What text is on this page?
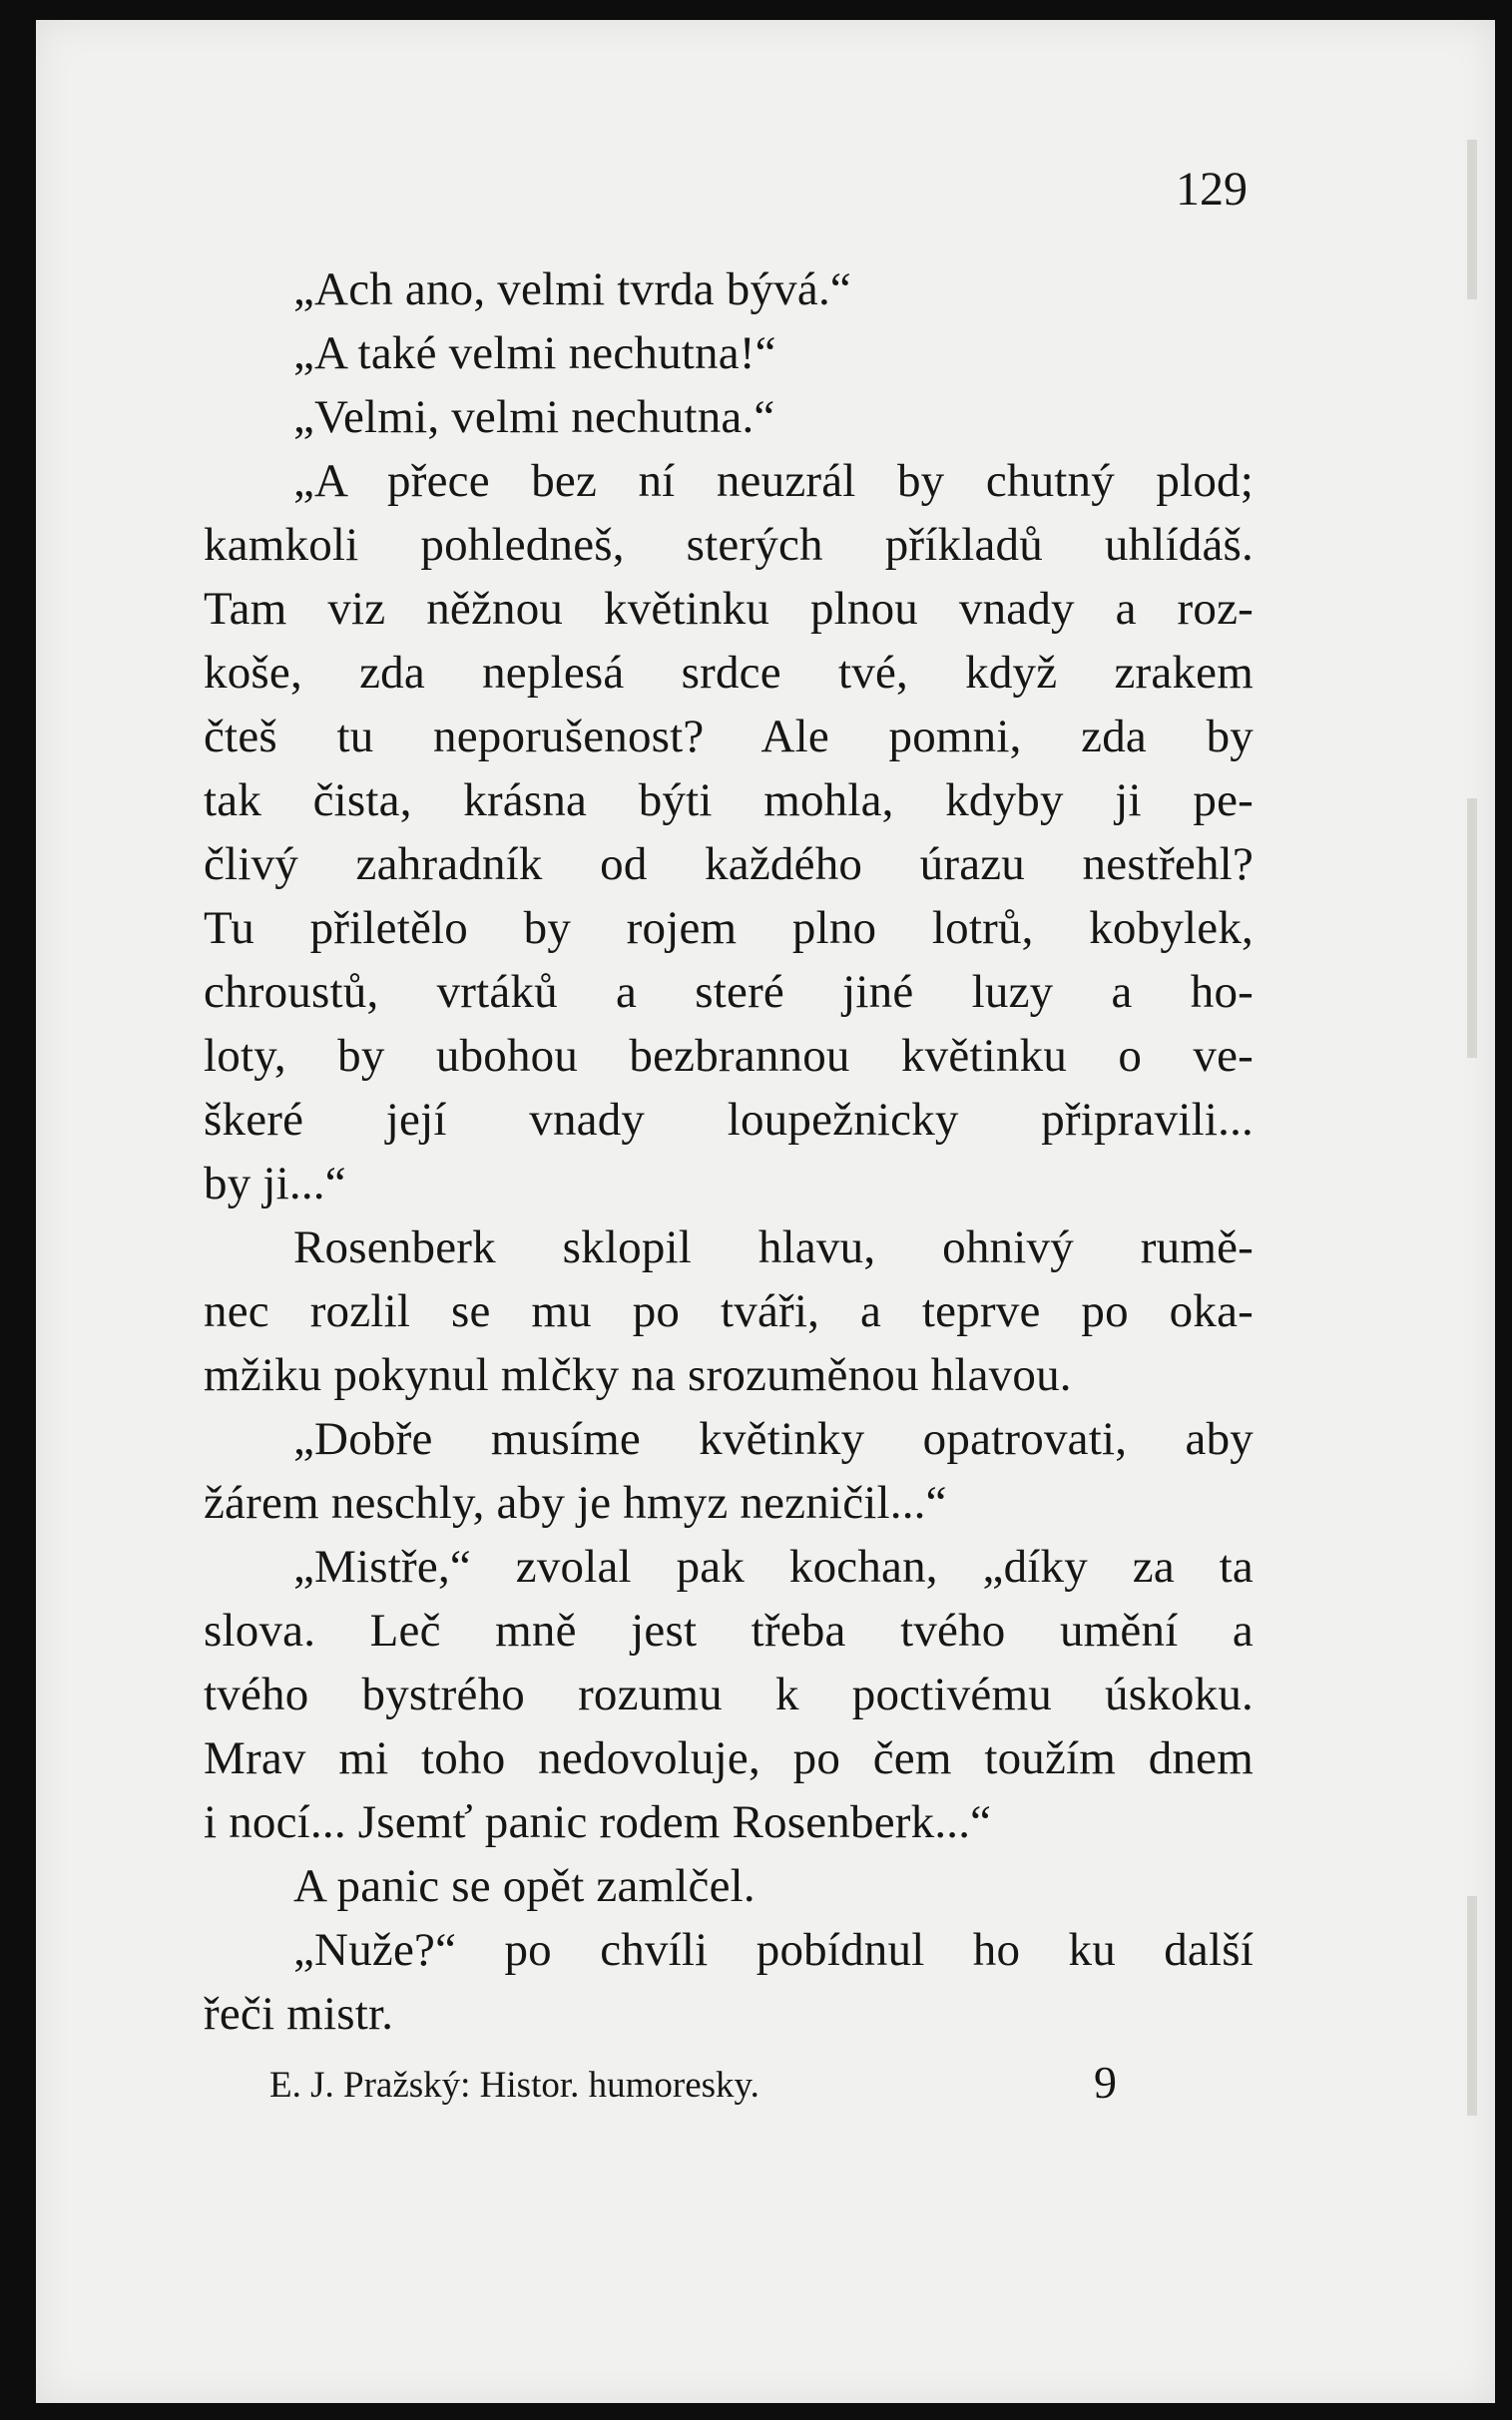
129
„Ach ano, velmi tvrda bývá.“
„A také velmi nechutna!“
„Velmi, velmi nechutna.“
„A přece bez ní neuzrál by chutný plod;
kamkoli pohledneš, sterých příkladů uhlídáš.
Tam viz něžnou květinku plnou vnady a roz-
koše, zda neplesá srdce tvé, když zrakem
čteš tu neporušenost? Ale pomni, zda by
tak čista, krásna býti mohla, kdyby ji pe-
člivý zahradník od každého úrazu nestřehl?
Tu přiletělo by rojem plno lotrů, kobylek,
chroustů, vrtáků a steré jiné luzy a ho-
loty, by ubohou bezbrannou květinku o ve-
škeré její vnady loupežnicky připravili...
by ji...“
Rosenberk sklopil hlavu, ohnivý rumě-
nec rozlil se mu po tváři, a teprve po oka-
mžiku pokynul mlčky na srozuměnou hlavou.
„Dobře musíme květinky opatrovati, aby
žárem neschly, aby je hmyz nezničil...“
„Mistře,“ zvolal pak kochan, „díky za ta
slova. Leč mně jest třeba tvého umění a
tvého bystrého rozumu k poctivému úskoku.
Mrav mi toho nedovoluje, po čem toužím dnem
i nocí... Jsemť panic rodem Rosenberk...“
A panic se opět zamlčel.
„Nuže?“ po chvíli pobídnul ho ku další
řeči mistr.
E. J. Pražský: Histor. humoresky.	9
